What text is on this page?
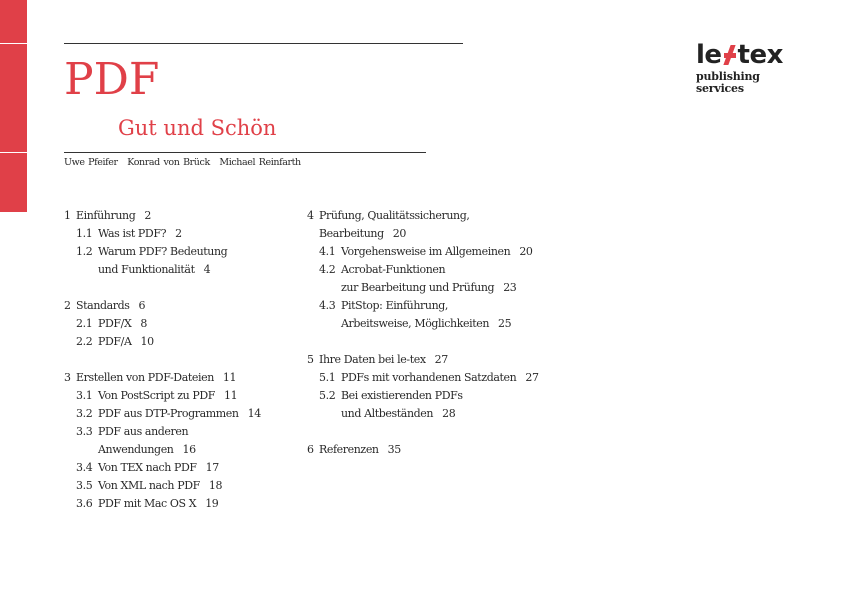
PDF
Gut und Schön
Uwe Pfeifer Konrad von Brück Michael Reinfarth
le tex
publishing services
1 Einführung 2
1.1 Was ist PDF? 2
1.2 Warum PDF? Bedeutung
und Funktionalität 4
2 Standards 6
2.1 PDF/X 8
2.2 PDF/A 10
3 Erstellen von PDF-Dateien 11
3.1 Von PostScript zu PDF 11
3.2 PDF aus DTP-Programmen 14
3.3 PDF aus anderen
Anwendungen 16
3.4 Von TEX nach PDF 17
3.5 Von XML nach PDF 18
3.6 PDF mit Mac OS X 19
4 Prüfung, Qualitätssicherung,
Bearbeitung 20
4.1 Vorgehensweise im Allgemeinen 20
4.2 Acrobat-Funktionen
zur Bearbeitung und Prüfung 23
4.3 PitStop: Einführung,
Arbeitsweise, Möglichkeiten 25
5 Ihre Daten bei le-tex 27
5.1 PDFs mit vorhandenen Satzdaten 27
5.2 Bei existierenden PDFs
und Altbeständen 28
6 Referenzen 35
